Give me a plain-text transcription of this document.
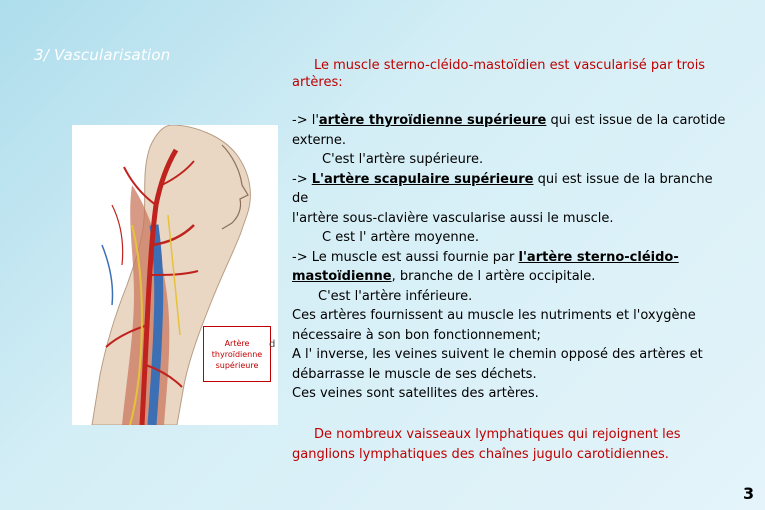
3/ Vascularisation
Le muscle sterno-cléido-mastoïdien est vascularisé par trois
artères:
-> l'artère thyroïdienne supérieure qui est issue de la carotide
externe.
C'est l'artère supérieure.
-> L'artère scapulaire supérieure qui est issue de la branche de
l'artère sous-clavière vascularise aussi le muscle.
C est l' artère moyenne.
-> Le muscle est aussi fournie par l'artère sterno-cléido-
mastoïdienne, branche de l artère occipitale.
C'est l'artère inférieure.
Ces artères fournissent au muscle les nutriments et l'oxygène
nécessaire à son bon fonctionnement;
A l' inverse, les veines suivent le chemin opposé des artères et
débarrasse le muscle de ses déchets.
Ces veines sont satellites des artères.
De nombreux vaisseaux lymphatiques qui rejoignent les
ganglions lymphatiques des chaînes jugulo carotidiennes.
Artère
thyroïdienne
supérieure
d
3
